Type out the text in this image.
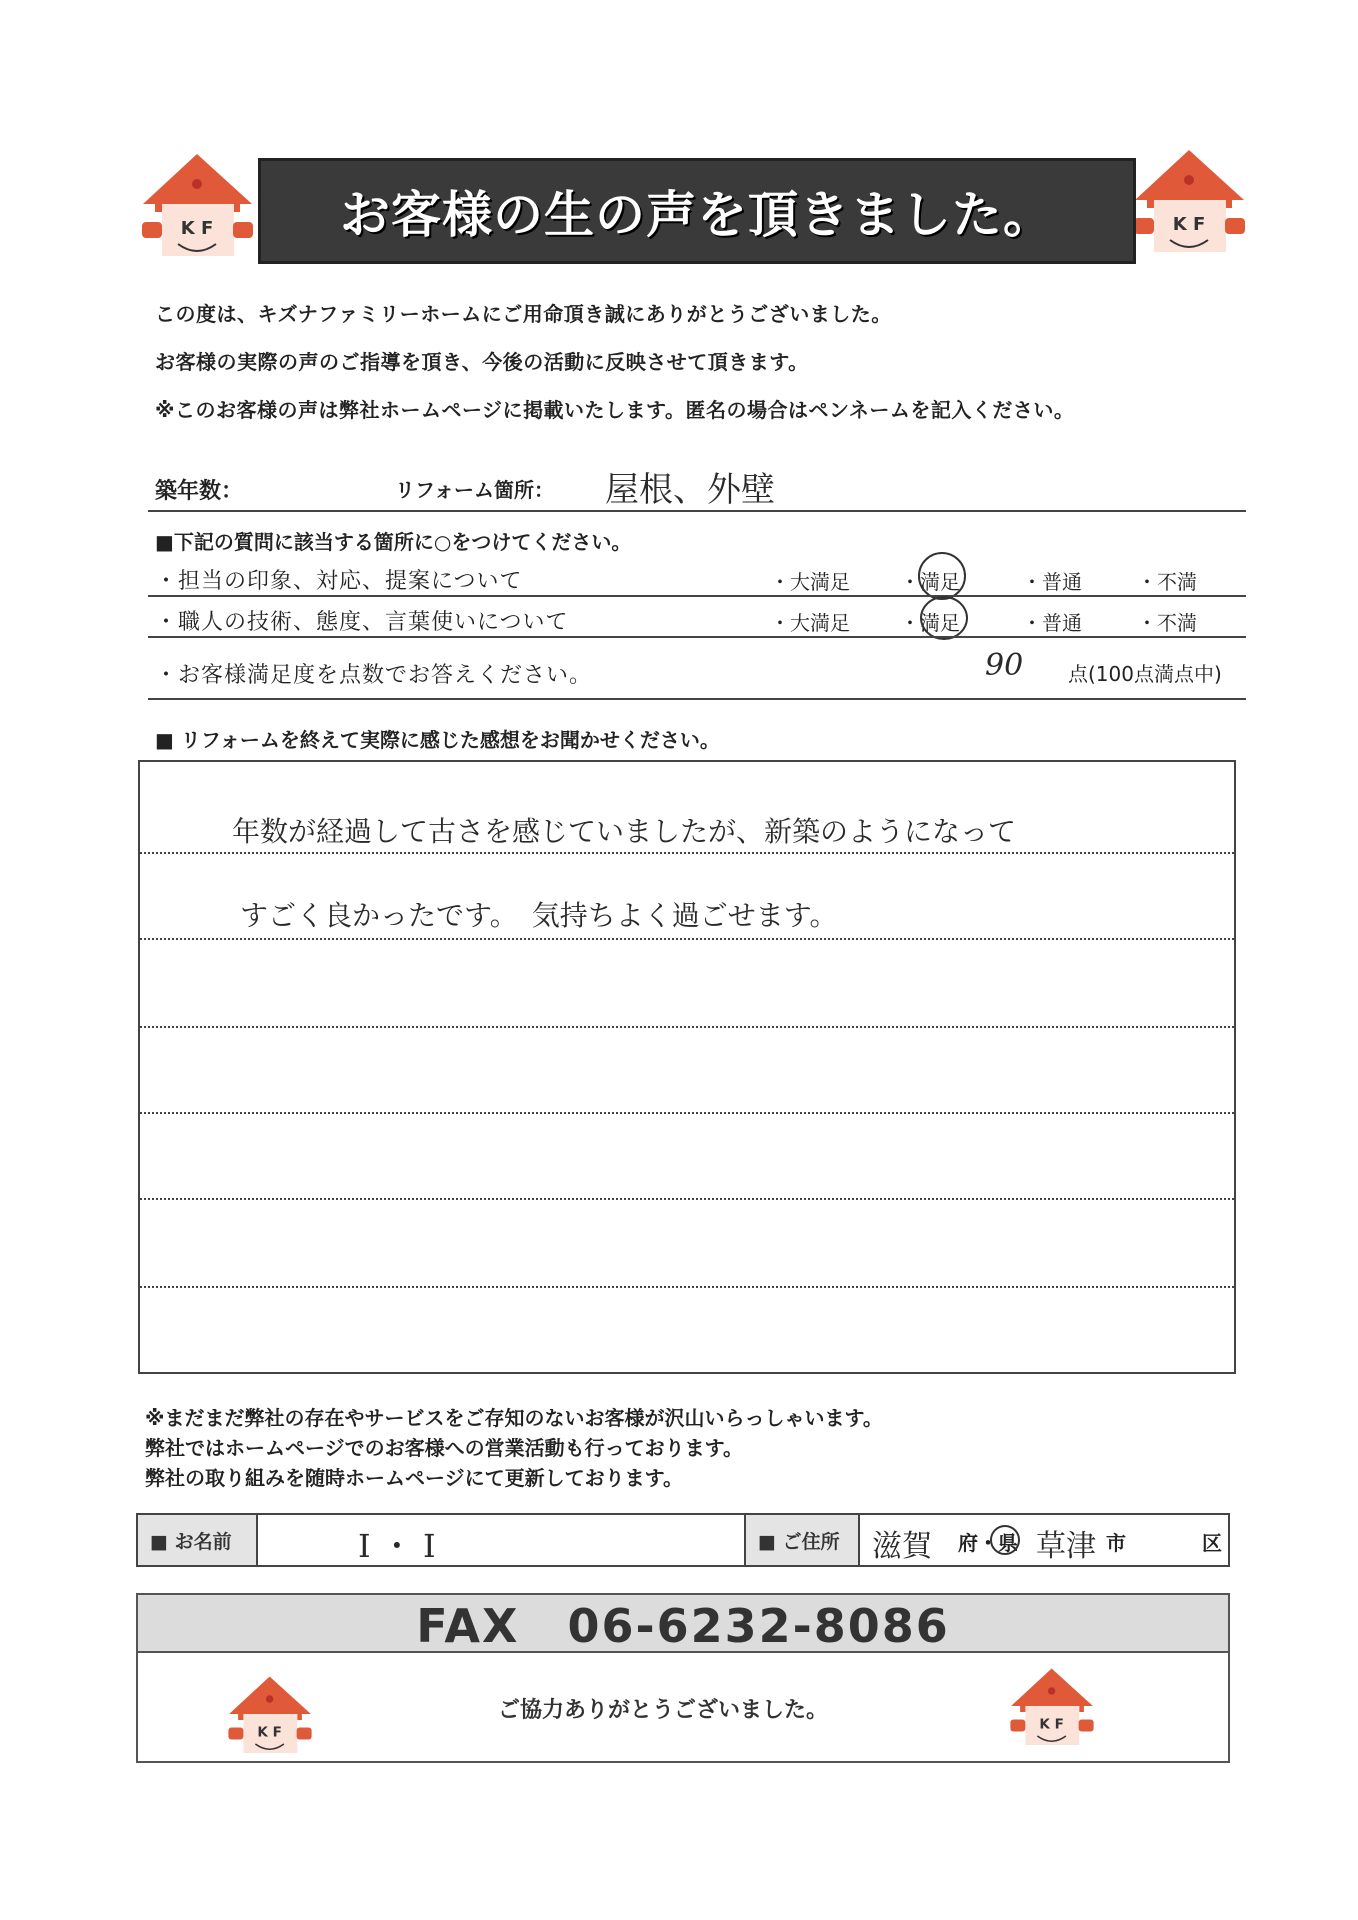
K F	K F
お客様の生の声を頂きました。
この度は、キズナファミリーホームにご用命頂き誠にありがとうございました。
お客様の実際の声のご指導を頂き、今後の活動に反映させて頂きます。
※このお客様の声は弊社ホームページに掲載いたします。匿名の場合はペンネームを記入ください。
築年数：	リフォーム箇所： 屋根、外壁
■下記の質問に該当する箇所に○をつけてください。
・担当の印象、対応、提案について	・大満足	・満足	・普通	・不満
・職人の技術、態度、言葉使いについて	・大満足	・満足	・普通	・不満
・お客様満足度を点数でお答えください。	90 点(100点満点中)
■ リフォームを終えて実際に感じた感想をお聞かせください。
年数が経過して古さを感じていましたが、新築のようになって
すごく良かったです。　気持ちよく過ごせます。
※まだまだ弊社の存在やサービスをご存知のないお客様が沢山いらっしゃいます。
弊社ではホームページでのお客様への営業活動も行っております。
弊社の取り組みを随時ホームページにて更新しております。
■ お名前	I ・ I	■ ご住所	滋賀 府・県 草津 市	区
FAX　06-6232-8086
K F
ご協力ありがとうございました。
K F
